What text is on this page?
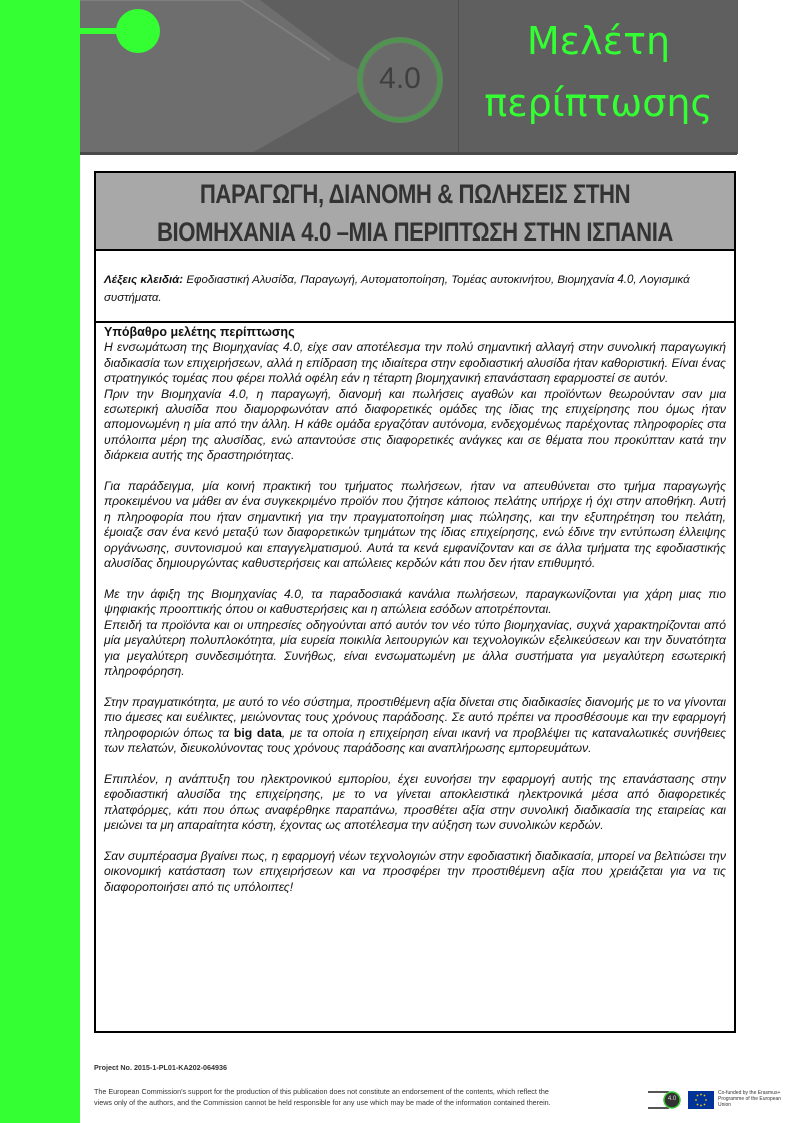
4.0
Μελέτη
περίπτωσης
ΠΑΡΑΓΩΓΗ, ΔΙΑΝΟΜΗ & ΠΩΛΗΣΕΙΣ ΣΤΗΝ
ΒΙΟΜΗΧΑΝΙΑ 4.0 –ΜΙΑ ΠΕΡΙΠΤΩΣΗ ΣΤΗΝ ΙΣΠΑΝΙΑ
Λέξεις κλειδιά: Εφοδιαστική Αλυσίδα, Παραγωγή, Αυτοματοποίηση, Τομέας αυτοκινήτου, Βιομηχανία 4.0, Λογισμικά συστήματα.
Υπόβαθρο μελέτης περίπτωσης

Η ενσωμάτωση της Βιομηχανίας 4.0, είχε σαν αποτέλεσμα την πολύ σημαντική αλλαγή στην συνολική παραγωγική διαδικασία των επιχειρήσεων, αλλά η επίδραση της ιδιαίτερα στην εφοδιαστική αλυσίδα ήταν καθοριστική. Είναι ένας στρατηγικός τομέας που φέρει πολλά οφέλη εάν η τέταρτη βιομηχανική επανάσταση εφαρμοστεί σε αυτόν.

Πριν την Βιομηχανία 4.0, η παραγωγή, διανομή και πωλήσεις αγαθών και προϊόντων θεωρούνταν σαν μια εσωτερική αλυσίδα που διαμορφωνόταν από διαφορετικές ομάδες της ίδιας της επιχείρησης που όμως ήταν απομονωμένη η μία από την άλλη. Η κάθε ομάδα εργαζόταν αυτόνομα, ενδεχομένως παρέχοντας πληροφορίες στα υπόλοιπα μέρη της αλυσίδας, ενώ απαντούσε στις διαφορετικές ανάγκες και σε θέματα που προκύπταν κατά την διάρκεια αυτής της δραστηριότητας.

Για παράδειγμα, μία κοινή πρακτική του τμήματος πωλήσεων, ήταν να απευθύνεται στο τμήμα παραγωγής προκειμένου να μάθει αν ένα συγκεκριμένο προϊόν που ζήτησε κάποιος πελάτης υπήρχε ή όχι στην αποθήκη. Αυτή η πληροφορία που ήταν σημαντική για την πραγματοποίηση μιας πώλησης, και την εξυπηρέτηση του πελάτη, έμοιαζε σαν ένα κενό μεταξύ των διαφορετικών τμημάτων της ίδιας επιχείρησης, ενώ έδινε την εντύπωση έλλειψης οργάνωσης, συντονισμού και επαγγελματισμού. Αυτά τα κενά εμφανίζονταν και σε άλλα τμήματα της εφοδιαστικής αλυσίδας δημιουργώντας καθυστερήσεις και απώλειες κερδών κάτι που δεν ήταν επιθυμητό.

Με την άφιξη της Βιομηχανίας 4.0, τα παραδοσιακά κανάλια πωλήσεων, παραγκωνίζονται για χάρη μιας πιο ψηφιακής προοπτικής όπου οι καθυστερήσεις και η απώλεια εσόδων αποτρέπονται.

Επειδή τα προϊόντα και οι υπηρεσίες οδηγούνται από αυτόν τον νέο τύπο βιομηχανίας, συχνά χαρακτηρίζονται από μία μεγαλύτερη πολυπλοκότητα, μία ευρεία ποικιλία λειτουργιών και τεχνολογικών εξελικεύσεων και την δυνατότητα για μεγαλύτερη συνδεσιμότητα. Συνήθως, είναι ενσωματωμένη με άλλα συστήματα για μεγαλύτερη εσωτερική πληροφόρηση.

Στην πραγματικότητα, με αυτό το νέο σύστημα, προστιθέμενη αξία δίνεται στις διαδικασίες διανομής με το να γίνονται πιο άμεσες και ευέλικτες, μειώνοντας τους χρόνους παράδοσης. Σε αυτό πρέπει να προσθέσουμε και την εφαρμογή πληροφοριών όπως τα big data, με τα οποία η επιχείρηση είναι ικανή να προβλέψει τις καταναλωτικές συνήθειες των πελατών, διευκολύνοντας τους χρόνους παράδοσης και αναπλήρωσης εμπορευμάτων.

Επιπλέον, η ανάπτυξη του ηλεκτρονικού εμπορίου, έχει ευνοήσει την εφαρμογή αυτής της επανάστασης στην εφοδιαστική αλυσίδα της επιχείρησης, με το να γίνεται αποκλειστικά ηλεκτρονικά μέσα από διαφορετικές πλατφόρμες, κάτι που όπως αναφέρθηκε παραπάνω, προσθέτει αξία στην συνολική διαδικασία της εταιρείας και μειώνει τα μη απαραίτητα κόστη, έχοντας ως αποτέλεσμα την αύξηση των συνολικών κερδών.

Σαν συμπέρασμα βγαίνει πως, η εφαρμογή νέων τεχνολογιών στην εφοδιαστική διαδικασία, μπορεί να βελτιώσει την οικονομική κατάσταση των επιχειρήσεων και να προσφέρει την προστιθέμενη αξία που χρειάζεται για να τις διαφοροποιήσει από τις υπόλοιπες!

Project No. 2015-1-PL01-KA202-064936
The European Commission's support for the production of this publication does not constitute an endorsement of the contents, which reflect the views only of the authors, and the Commission cannot be held responsible for any use which may be made of the information contained therein.	4.0
Co-funded by the Erasmus+ Programme of the European Union
